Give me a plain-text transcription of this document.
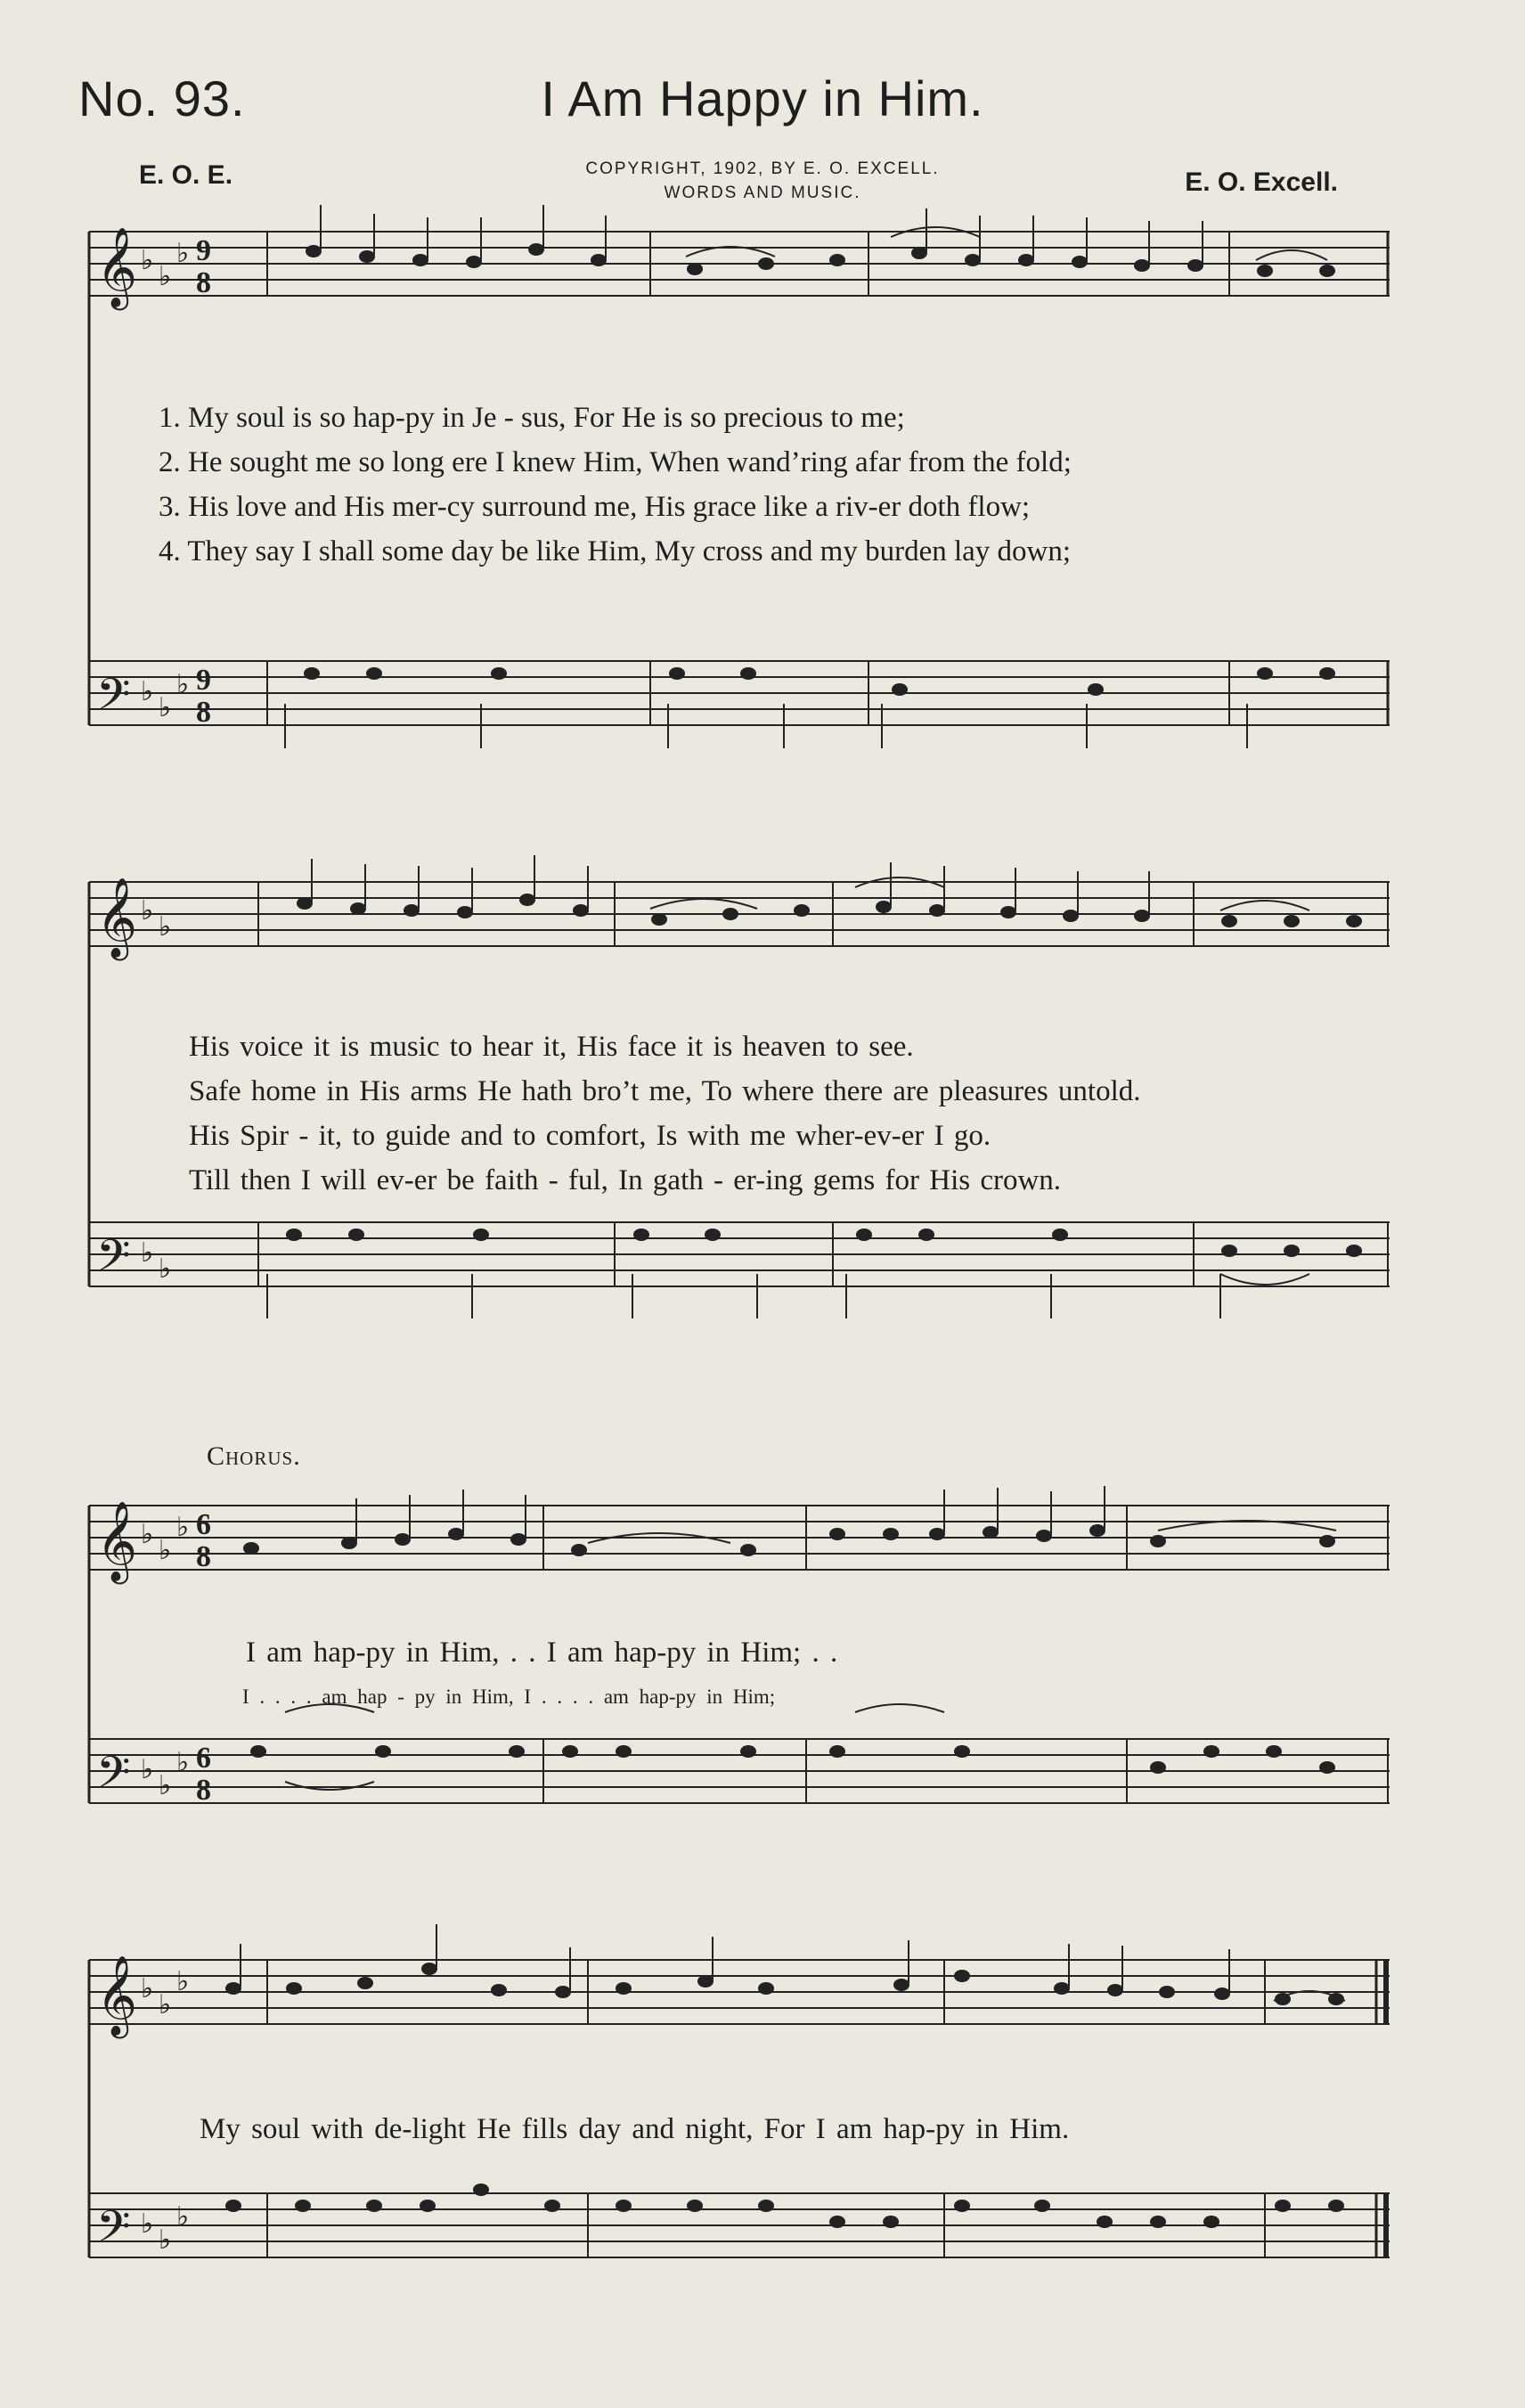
No. 93.	I Am Happy in Him.
E. O. E.	COPYRIGHT, 1902, BY E. O. EXCELL.
WORDS AND MUSIC.	E. O. Excell.
𝄞
𝄢
♭
♭
♭ 9
8
♭
♭
♭ 9
8
1. My soul is so hap-py in Je - sus, For He is so precious to me;
2. He sought me so long ere I knew Him, When wand’ring afar from the fold;
3. His love and His mer-cy surround me, His grace like a riv-er doth flow;
4. They say I shall some day be like Him, My cross and my burden lay down;
𝄞
𝄢
♭
♭
♭
♭
His voice it is music to hear it, His face it is heaven to see.
Safe home in His arms He hath bro’t me, To where there are pleasures untold.
His Spir - it, to guide and to comfort, Is with me wher-ev-er I go.
Till then I will ev-er be faith - ful, In gath - er-ing gems for His crown.
Chorus.
𝄞
𝄢
♭
♭
♭ 6
8
♭
♭
♭ 6
8
I am hap-py in Him, . . I am hap-py in Him; . .
I . . . . am hap - py in Him, I . . . . am hap-py in Him;
𝄞
𝄢
♭
♭
♭
♭
♭
♭
My soul with de-light He fills day and night, For I am hap-py in Him.
